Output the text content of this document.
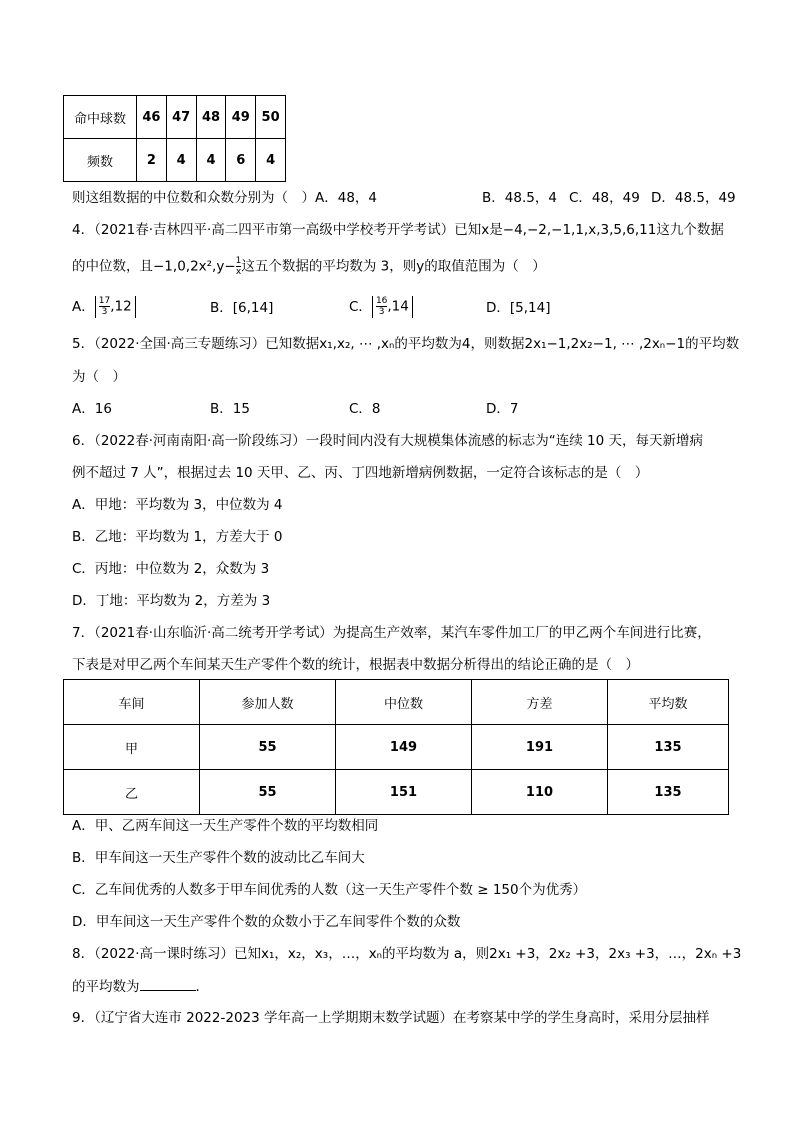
命中球数	46	47	48	49	50
频数	2	4	4	6	4
则这组数据的中位数和众数分别为（　）A．48，4	B．48.5，4 C．48，49 D．48.5，49
4．（2021春·吉林四平·高二四平市第一高级中学校考开学考试）已知x是−4,−2,−1,1,x,3,5,6,11这九个数据
的中位数，且$-1,0,2x^2,y- \frac{1}{x}$ 这五个数据的平均数为 3，则y的取值范围为（　）
A． $\frac{17}{3} ,12$	B．[6,14]	C． $\frac{16}{3} ,14$	D．[5,14]
5．（2022·全国·高三专题练习）已知数据x₁,x₂, ⋯ ,xₙ的平均数为4，则数据2x₁−1,2x₂−1, ⋯ ,2xₙ−1的平均数
为（　）
A．16	B．15	C．8	D．7
6．（2022春·河南南阳·高一阶段练习）一段时间内没有大规模集体流感的标志为“连续 10 天，每天新增病
例不超过 7 人”，根据过去 10 天甲、乙、丙、丁四地新增病例数据，一定符合该标志的是（　）
A．甲地：平均数为 3，中位数为 4
B．乙地：平均数为 1，方差大于 0
C．丙地：中位数为 2，众数为 3
D．丁地：平均数为 2，方差为 3
7．（2021春·山东临沂·高二统考开学考试）为提高生产效率，某汽车零件加工厂的甲乙两个车间进行比赛，
下表是对甲乙两个车间某天生产零件个数的统计，根据表中数据分析得出的结论正确的是（　）
车间	参加人数	中位数	方差	平均数
甲	55	149	191	135
乙	55	151	110	135
A．甲、乙两车间这一天生产零件个数的平均数相同
B．甲车间这一天生产零件个数的波动比乙车间大
C．乙车间优秀的人数多于甲车间优秀的人数（这一天生产零件个数 ≥ 150个为优秀）
D．甲车间这一天生产零件个数的众数小于乙车间零件个数的众数
8．（2022·高一课时练习）已知x₁，x₂，x₃，…，xₙ的平均数为 a，则2x₁ +3，2x₂ +3，2x₃ +3，…，2xₙ +3
的平均数为	．
9．（辽宁省大连市 2022-2023 学年高一上学期期末数学试题）在考察某中学的学生身高时，采用分层抽样
